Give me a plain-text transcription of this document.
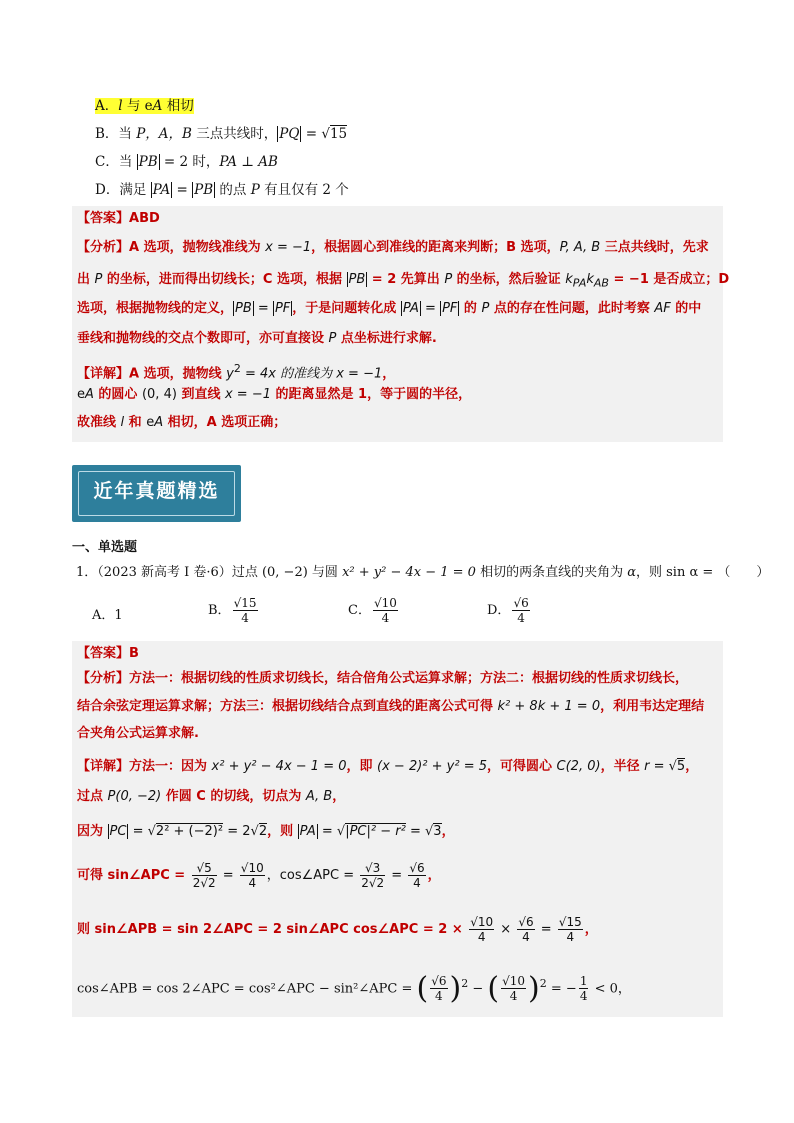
A．l 与 eA 相切
B．当 P，A，B 三点共线时， PQ = √ 15
C．当 PB = 2 时，PA ⊥ AB
D．满足 PA = PB 的点 P 有且仅有 2 个
【答案】ABD
【分析】A 选项，抛物线准线为 x = −1，根据圆心到准线的距离来判断；B 选项，P, A, B 三点共线时，先求
出 P 的坐标，进而得出切线长；C 选项，根据 PB = 2 先算出 P 的坐标，然后验证 $k_{PA}k_{AB} = -1$ 是否成立；D
选项，根据抛物线的定义， PB = PF ，于是问题转化成 PA = PF 的 P 点的存在性问题，此时考察 AF 的中
垂线和抛物线的交点个数即可，亦可直接设 P 点坐标进行求解.
【详解】A 选项，抛物线 $y^2 = 4x$ 的准线为 x = −1，
eA 的圆心 (0, 4) 到直线 x = −1 的距离显然是 1，等于圆的半径，
故准线 l 和 eA 相切，A 选项正确；
近年真题精选
一、单选题
1．（2023 新高考 I 卷·6）过点 (0, −2) 与圆 x² + y² − 4x − 1 = 0 相切的两条直线的夹角为 α，则 sin α = （　　）
A．1	B． √ $\frac{15}{4}$	C． √ $\frac{10}{4}$	D． √ $\frac{6}{4}$
【答案】B
【分析】方法一：根据切线的性质求切线长，结合倍角公式运算求解；方法二：根据切线的性质求切线长，
结合余弦定理运算求解；方法三：根据切线结合点到直线的距离公式可得 k² + 8k + 1 = 0，利用韦达定理结
合夹角公式运算求解.
【详解】方法一：因为 x² + y² − 4x − 1 = 0，即 (x − 2)² + y² = 5，可得圆心 C(2, 0)，半径 r = √ 5，
过点 P(0, −2) 作圆 C 的切线，切点为 A, B，
因为 PC = √ 2² + (−2)² = 2 √ 2，则 PA = √ |PC|² − r² = √ 3，
可得 sin∠APC = $\frac{√5}{2√2} = \frac{√10}{4}$ ，cos∠APC = $\frac{√3}{2√2} = \frac{√6}{4}$ ，
则 sin∠APB = sin 2∠APC = 2 sin∠APC cos∠APC = $2 \times \frac{√10}{4} \times \frac{√6}{4} = \frac{√15}{4}$ ，
cos∠APB = cos 2∠APC = cos²∠APC − sin²∠APC = ( $\frac{√6}{4} )^2$ − ( $\frac{√10}{4} )^2$ = − $\frac{1}{4} < 0$，
